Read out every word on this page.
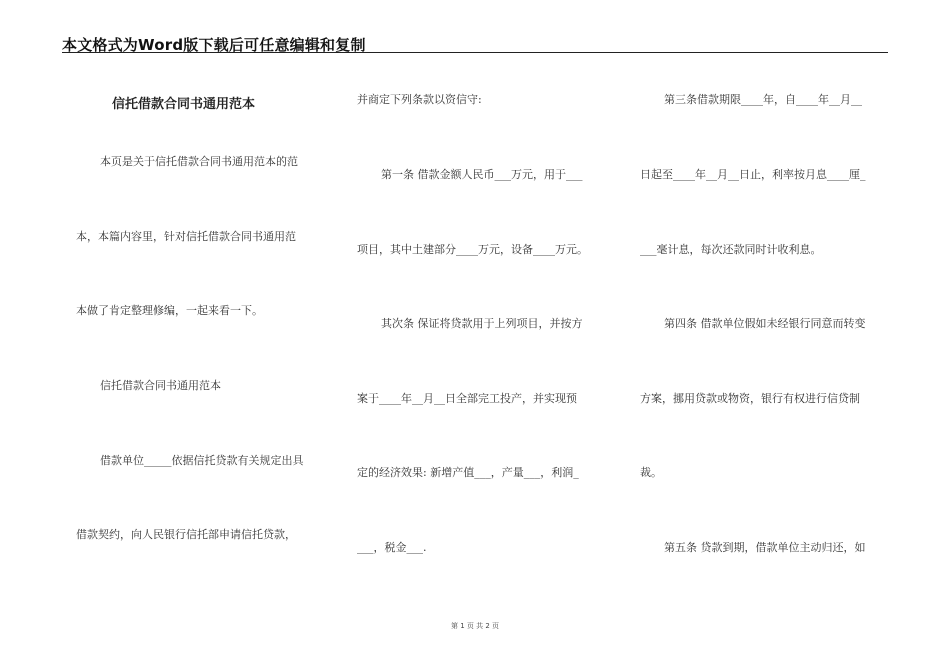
本文格式为Word版下载后可任意编辑和复制
信托借款合同书通用范本
本页是关于信托借款合同书通用范本的范
本，本篇内容里，针对信托借款合同书通用范
本做了肯定整理修编，一起来看一下。
信托借款合同书通用范本
借款单位_____依据信托贷款有关规定出具
借款契约，向人民银行信托部申请信托贷款，
并商定下列条款以资信守:
第一条 借款金额人民币___万元，用于___
项目，其中土建部分____万元，设备____万元。
其次条 保证将贷款用于上列项目，并按方
案于____年__月__日全部完工投产，并实现预
定的经济效果: 新增产值___，产量___，利润_
___，税金___.
第三条借款期限____年，自____年__月__
日起至____年__月__日止，利率按月息____厘_
___毫计息，每次还款同时计收利息。
第四条 借款单位假如未经银行同意而转变
方案，挪用贷款或物资，银行有权进行信贷制
裁。
第五条 贷款到期，借款单位主动归还，如
第 1 页 共 2 页
